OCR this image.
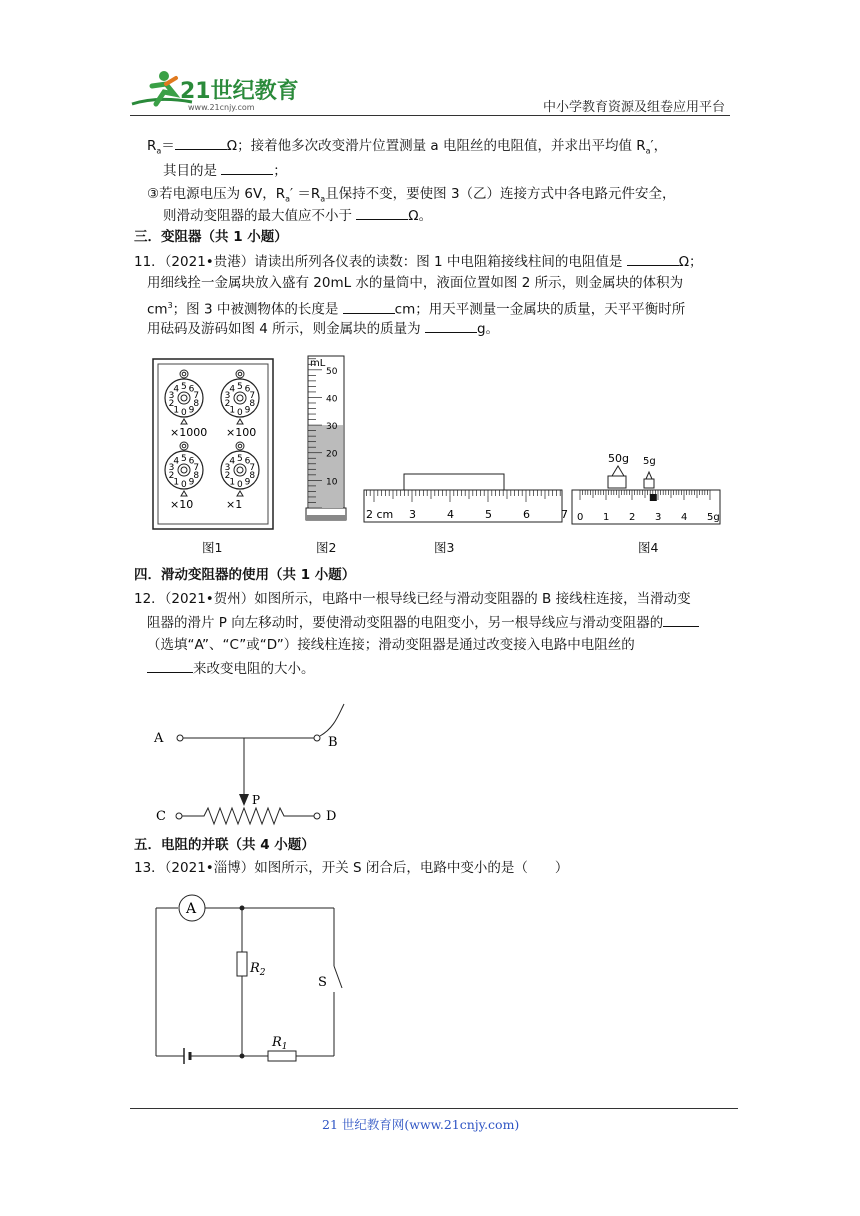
21世纪教育
www.21cnjy.com	中小学教育资源及组卷应用平台
$R_a=$	Ω；接着他多次改变滑片位置测量 a 电阻丝的电阻值，并求出平均值 $R_a'$，
其目的是	；
③若电源电压为 6V，$R_a' =R_a$且保持不变，要使图 3（乙）连接方式中各电路元件安全，
则滑动变阻器的最大值应不小于	Ω。
三．变阻器（共 1 小题）
11．（2021•贵港）请读出所列各仪表的读数：图 1 中电阻箱接线柱间的电阻值是	Ω；
用细线拴一金属块放入盛有 20mL 水的量筒中，液面位置如图 2 所示，则金属块的体积为
$cm^3$；图 3 中被测物体的长度是	cm；用天平测量一金属块的质量，天平平衡时所
用砝码及游码如图 4 所示，则金属块的质量为	g。
0
1
2
3
4 5 6
7
8
9
×1000
0
1
2
3
4 5 6
7
8
9
×100
0
1
2
3
4 5 6
7
8
9
×10
0
1
2
3
4 5 6
7
8
9
×1
图1
mL
50
40
30
20
10
图2
2 cm 3	4	5	6	7
图3
50g 5g
0 1 2 3 4 5g
图4
四．滑动变阻器的使用（共 1 小题）
12．（2021•贺州）如图所示，电路中一根导线已经与滑动变阻器的 B 接线柱连接，当滑动变
阻器的滑片 P 向左移动时，要使滑动变阻器的电阻变小，另一根导线应与滑动变阻器的
（选填“A”、“C”或“D”）接线柱连接；滑动变阻器是通过改变接入电路中电阻丝的
来改变电阻的大小。
A	B
P
C	D
五．电阻的并联（共 4 小题）
13．（2021•淄博）如图所示，开关 S 闭合后，电路中变小的是（　　）
A
$R_1$
$R_2$
S
21 世纪教育网(www.21cnjy.com)
